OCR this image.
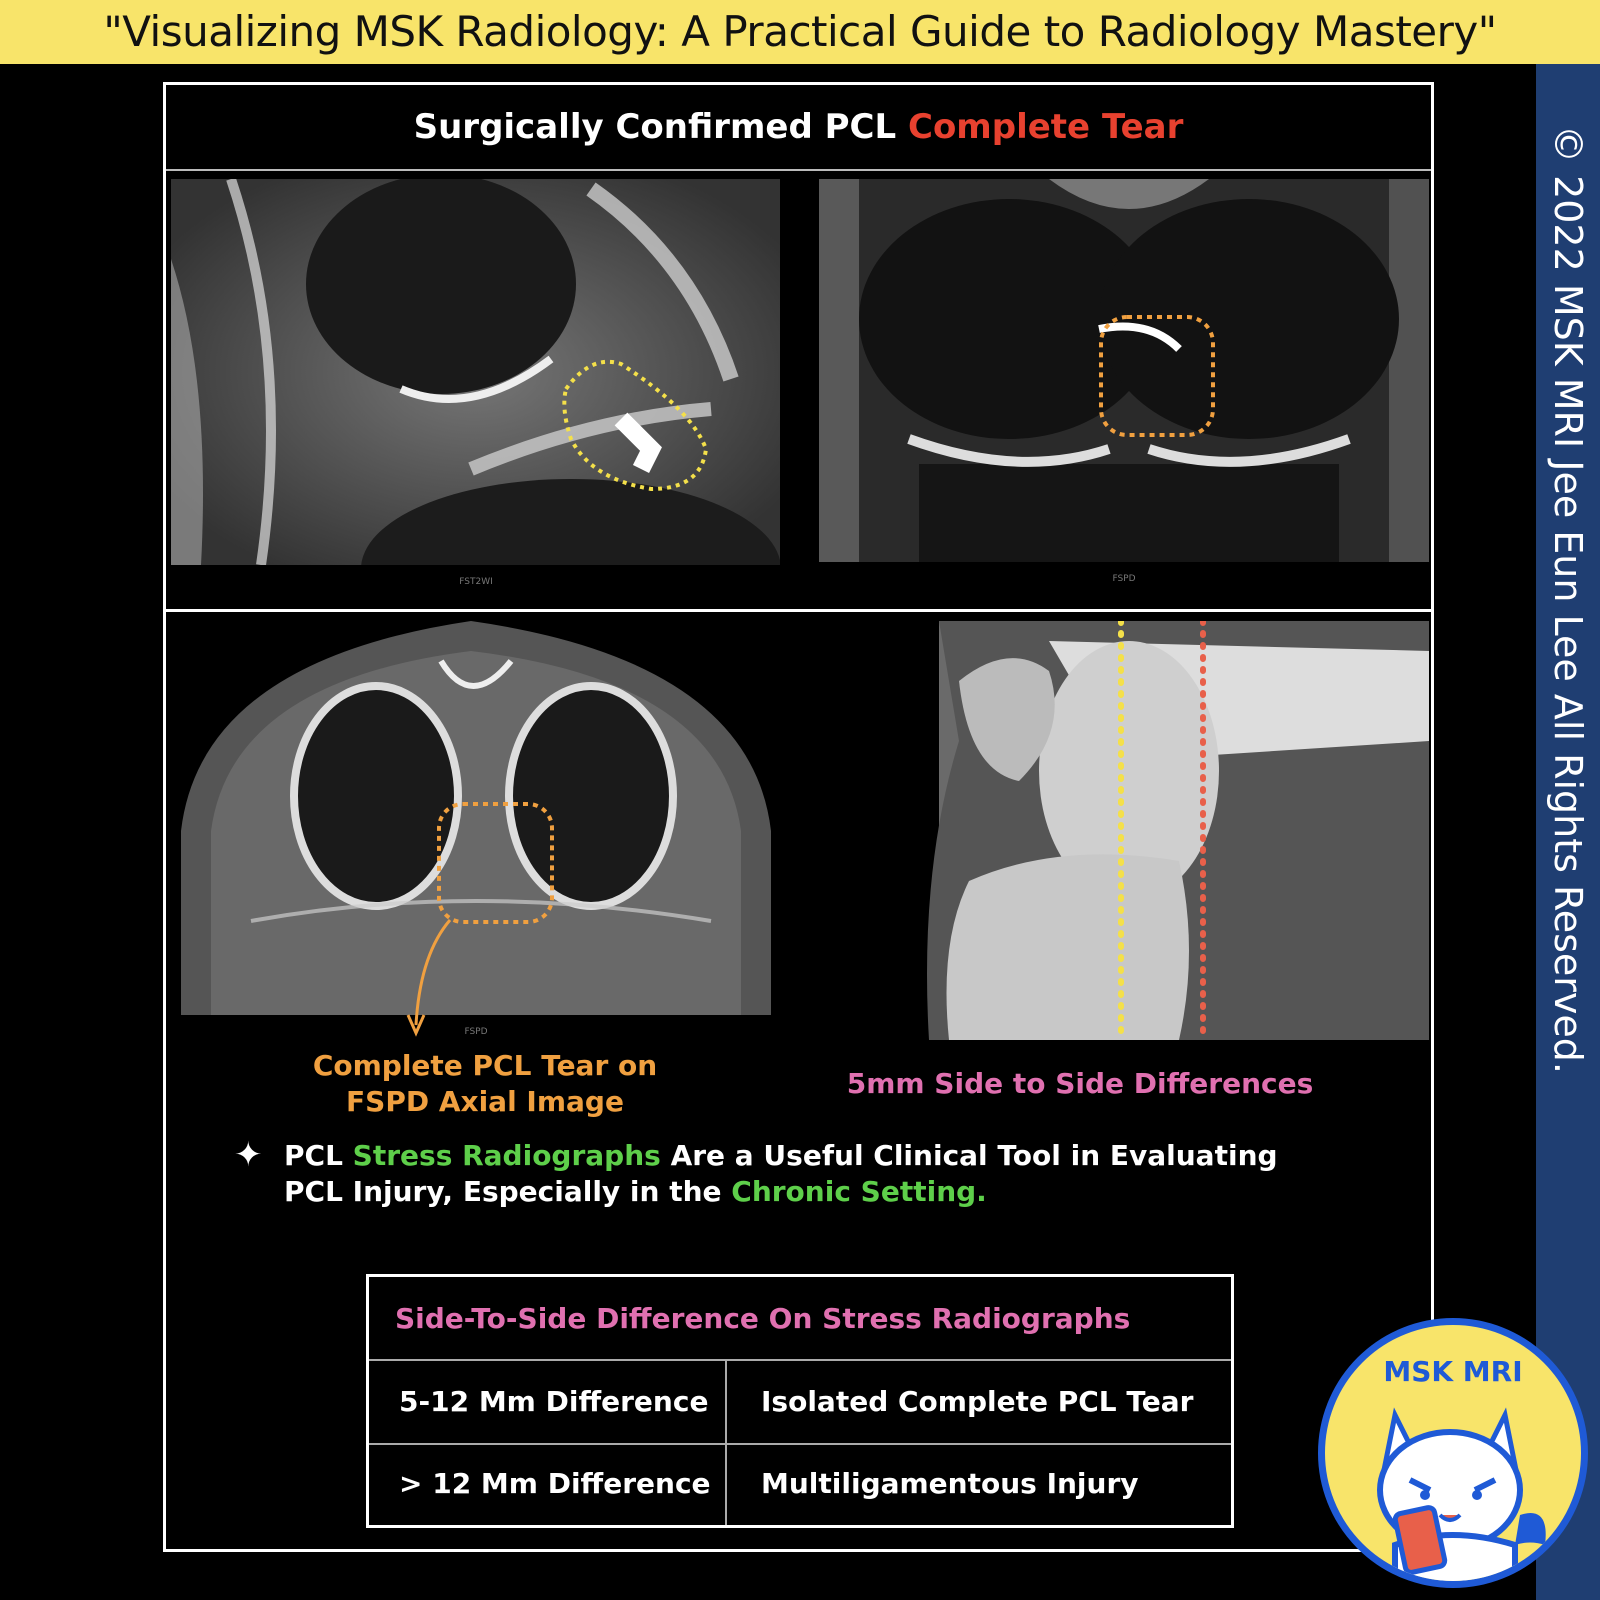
"Visualizing MSK Radiology: A Practical Guide to Radiology Mastery"
© 2022 MSK MRI Jee Eun Lee All Rights Reserved.
Surgically Confirmed PCL Complete Tear
FST2WI	FSPD
FSPD
Complete PCL Tear on
FSPD Axial Image
5mm Side to Side Differences
✦ PCL Stress Radiographs Are a Useful Clinical Tool in Evaluating PCL Injury, Especially in the Chronic Setting.
Side-To-Side Difference On Stress Radiographs
5-12 Mm Difference	Isolated Complete PCL Tear
> 12 Mm Difference	Multiligamentous Injury
MSK MRI
